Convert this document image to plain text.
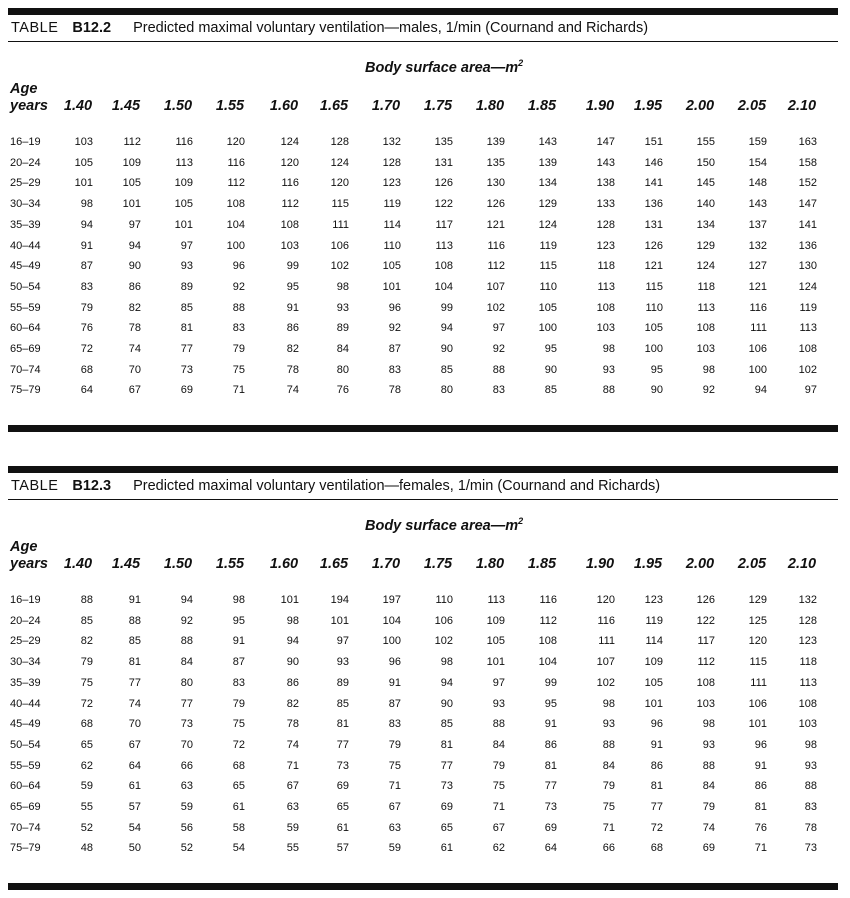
TABLE B12.2 Predicted maximal voluntary ventilation—males, 1/min (Cournand and Richards)
Body surface $area—m^2$
Age
years	1.40	1.45	1.50	1.55	1.60	1.65	1.70	1.75	1.80	1.85	1.90	1.95	2.00	2.05	2.10
16–19	103	112	116	120	124	128	132	135	139	143	147	151	155	159	163
20–24	105	109	113	116	120	124	128	131	135	139	143	146	150	154	158
25–29	101	105	109	112	116	120	123	126	130	134	138	141	145	148	152
30–34	98	101	105	108	112	115	119	122	126	129	133	136	140	143	147
35–39	94	97	101	104	108	111	114	117	121	124	128	131	134	137	141
40–44	91	94	97	100	103	106	110	113	116	119	123	126	129	132	136
45–49	87	90	93	96	99	102	105	108	112	115	118	121	124	127	130
50–54	83	86	89	92	95	98	101	104	107	110	113	115	118	121	124
55–59	79	82	85	88	91	93	96	99	102	105	108	110	113	116	119
60–64	76	78	81	83	86	89	92	94	97	100	103	105	108	111	113
65–69	72	74	77	79	82	84	87	90	92	95	98	100	103	106	108
70–74	68	70	73	75	78	80	83	85	88	90	93	95	98	100	102
75–79	64	67	69	71	74	76	78	80	83	85	88	90	92	94	97
TABLE B12.3 Predicted maximal voluntary ventilation—females, 1/min (Cournand and Richards)
Body surface $area—m^2$
Age
years	1.40	1.45	1.50	1.55	1.60	1.65	1.70	1.75	1.80	1.85	1.90	1.95	2.00	2.05	2.10
16–19	88	91	94	98	101	194	197	110	113	116	120	123	126	129	132
20–24	85	88	92	95	98	101	104	106	109	112	116	119	122	125	128
25–29	82	85	88	91	94	97	100	102	105	108	111	114	117	120	123
30–34	79	81	84	87	90	93	96	98	101	104	107	109	112	115	118
35–39	75	77	80	83	86	89	91	94	97	99	102	105	108	111	113
40–44	72	74	77	79	82	85	87	90	93	95	98	101	103	106	108
45–49	68	70	73	75	78	81	83	85	88	91	93	96	98	101	103
50–54	65	67	70	72	74	77	79	81	84	86	88	91	93	96	98
55–59	62	64	66	68	71	73	75	77	79	81	84	86	88	91	93
60–64	59	61	63	65	67	69	71	73	75	77	79	81	84	86	88
65–69	55	57	59	61	63	65	67	69	71	73	75	77	79	81	83
70–74	52	54	56	58	59	61	63	65	67	69	71	72	74	76	78
75–79	48	50	52	54	55	57	59	61	62	64	66	68	69	71	73
